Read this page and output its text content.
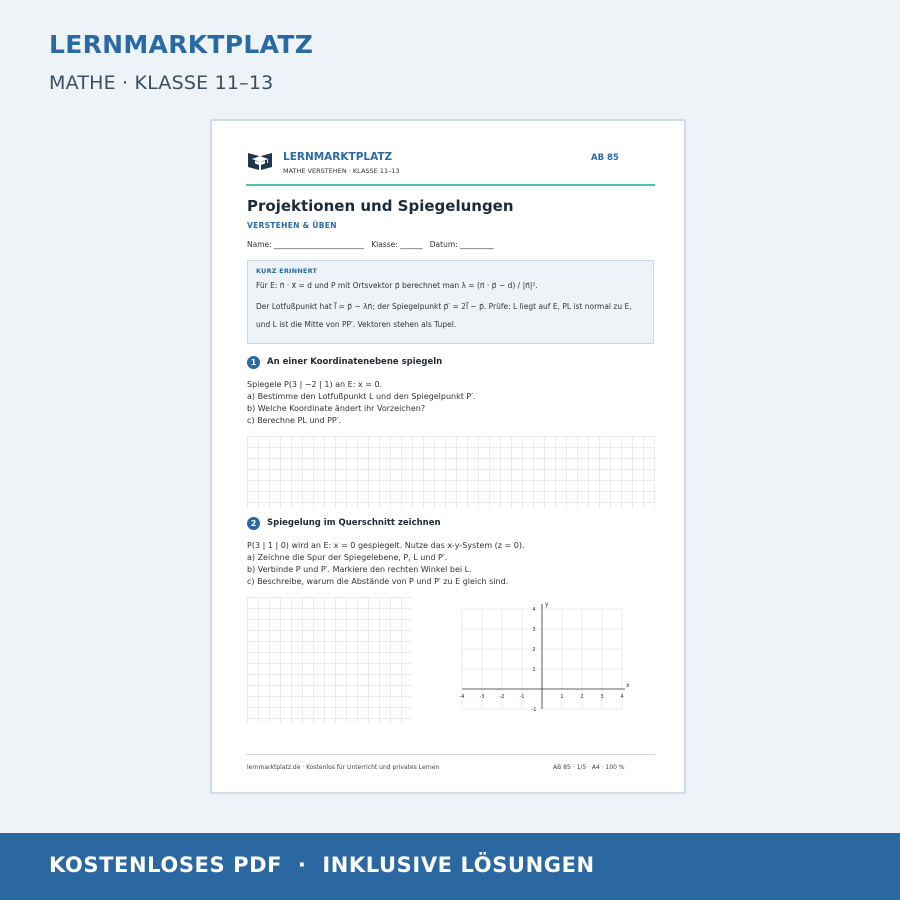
LERNMARKTPLATZ
MATHE · KLASSE 11–13
LERNMARKTPLATZ
MATHE VERSTEHEN · KLASSE 11–13
AB 85
Projektionen und Spiegelungen
VERSTEHEN & ÜBEN
Name: ________________________   Klasse: ______   Datum: _________
KURZ ERINNERT
Für E: n⃗ · x⃗ = d und P mit Ortsvektor p⃗ berechnet man λ = (n⃗ · p⃗ − d) / |n⃗|².
Der Lotfußpunkt hat l⃗ = p⃗ − λn⃗; der Spiegelpunkt p⃗′ = 2l⃗ − p⃗. Prüfe: L liegt auf E, PL ist normal zu E,
und L ist die Mitte von PP′. Vektoren stehen als Tupel.
1	An einer Koordinatenebene spiegeln
Spiegele P(3 | −2 | 1) an E: x = 0.
a) Bestimme den Lotfußpunkt L und den Spiegelpunkt P′.
b) Welche Koordinate ändert ihr Vorzeichen?
c) Berechne PL und PP′.
2	Spiegelung im Querschnitt zeichnen
P(3 | 1 | 0) wird an E: x = 0 gespiegelt. Nutze das x-y-System (z = 0).
a) Zeichne die Spur der Spiegelebene, P, L und P′.
b) Verbinde P und P′. Markiere den rechten Winkel bei L.
c) Beschreibe, warum die Abstände von P und P′ zu E gleich sind.
x
y
-4	-3	-2	-1	1	2	3	4
4
3
2
1
-1
lernmarktplatz.de · Kostenlos für Unterricht und privates Lernen	AB 85 · 1/5 · A4 · 100 %
KOSTENLOSES PDF  ·  INKLUSIVE LÖSUNGEN
